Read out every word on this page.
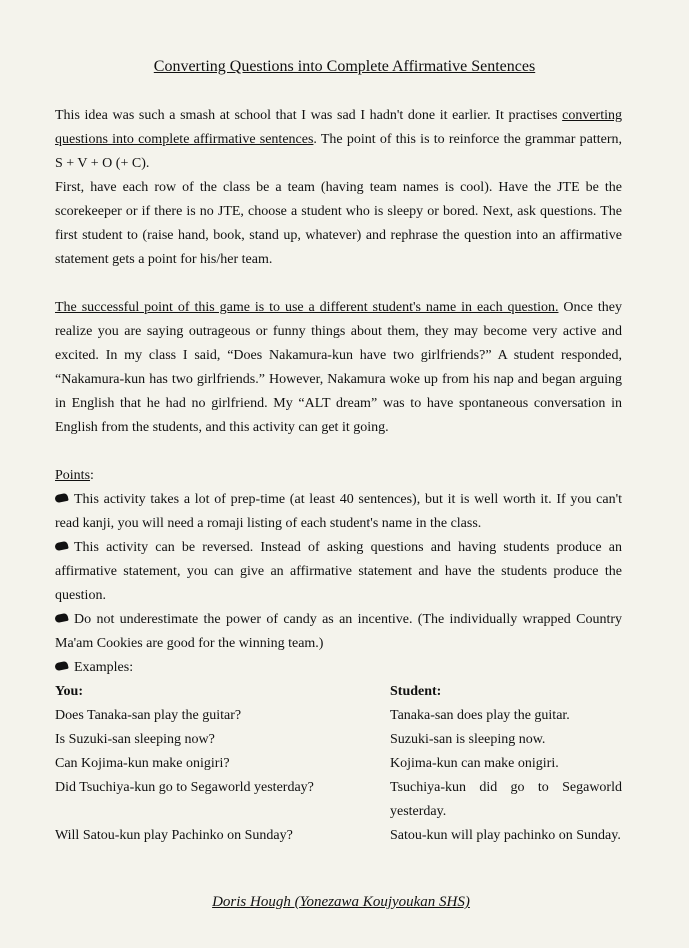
Converting Questions into Complete Affirmative Sentences

This idea was such a smash at school that I was sad I hadn't done it earlier. It practises converting questions into complete affirmative sentences. The point of this is to reinforce the grammar pattern, S + V + O (+ C).

First, have each row of the class be a team (having team names is cool). Have the JTE be the scorekeeper or if there is no JTE, choose a student who is sleepy or bored. Next, ask questions. The first student to (raise hand, book, stand up, whatever) and rephrase the question into an affirmative statement gets a point for his/her team.

The successful point of this game is to use a different student's name in each question. Once they realize you are saying outrageous or funny things about them, they may become very active and excited. In my class I said, “Does Nakamura-kun have two girlfriends?” A student responded, “Nakamura-kun has two girlfriends.” However, Nakamura woke up from his nap and began arguing in English that he had no girlfriend. My “ALT dream” was to have spontaneous conversation in English from the students, and this activity can get it going.

Points:

This activity takes a lot of prep-time (at least 40 sentences), but it is well worth it. If you can't read kanji, you will need a romaji listing of each student's name in the class.

This activity can be reversed. Instead of asking questions and having students produce an affirmative statement, you can give an affirmative statement and have the students produce the question.

Do not underestimate the power of candy as an incentive. (The individually wrapped Country Ma'am Cookies are good for the winning team.)

Examples:

You:	Student:
Does Tanaka-san play the guitar?	Tanaka-san does play the guitar.
Is Suzuki-san sleeping now?	Suzuki-san is sleeping now.
Can Kojima-kun make onigiri?	Kojima-kun can make onigiri.
Did Tsuchiya-kun go to Segaworld yesterday?	Tsuchiya-kun did go to Segaworld yesterday.
Will Satou-kun play Pachinko on Sunday?	Satou-kun will play pachinko on Sunday.
Doris Hough (Yonezawa Koujyoukan SHS)
